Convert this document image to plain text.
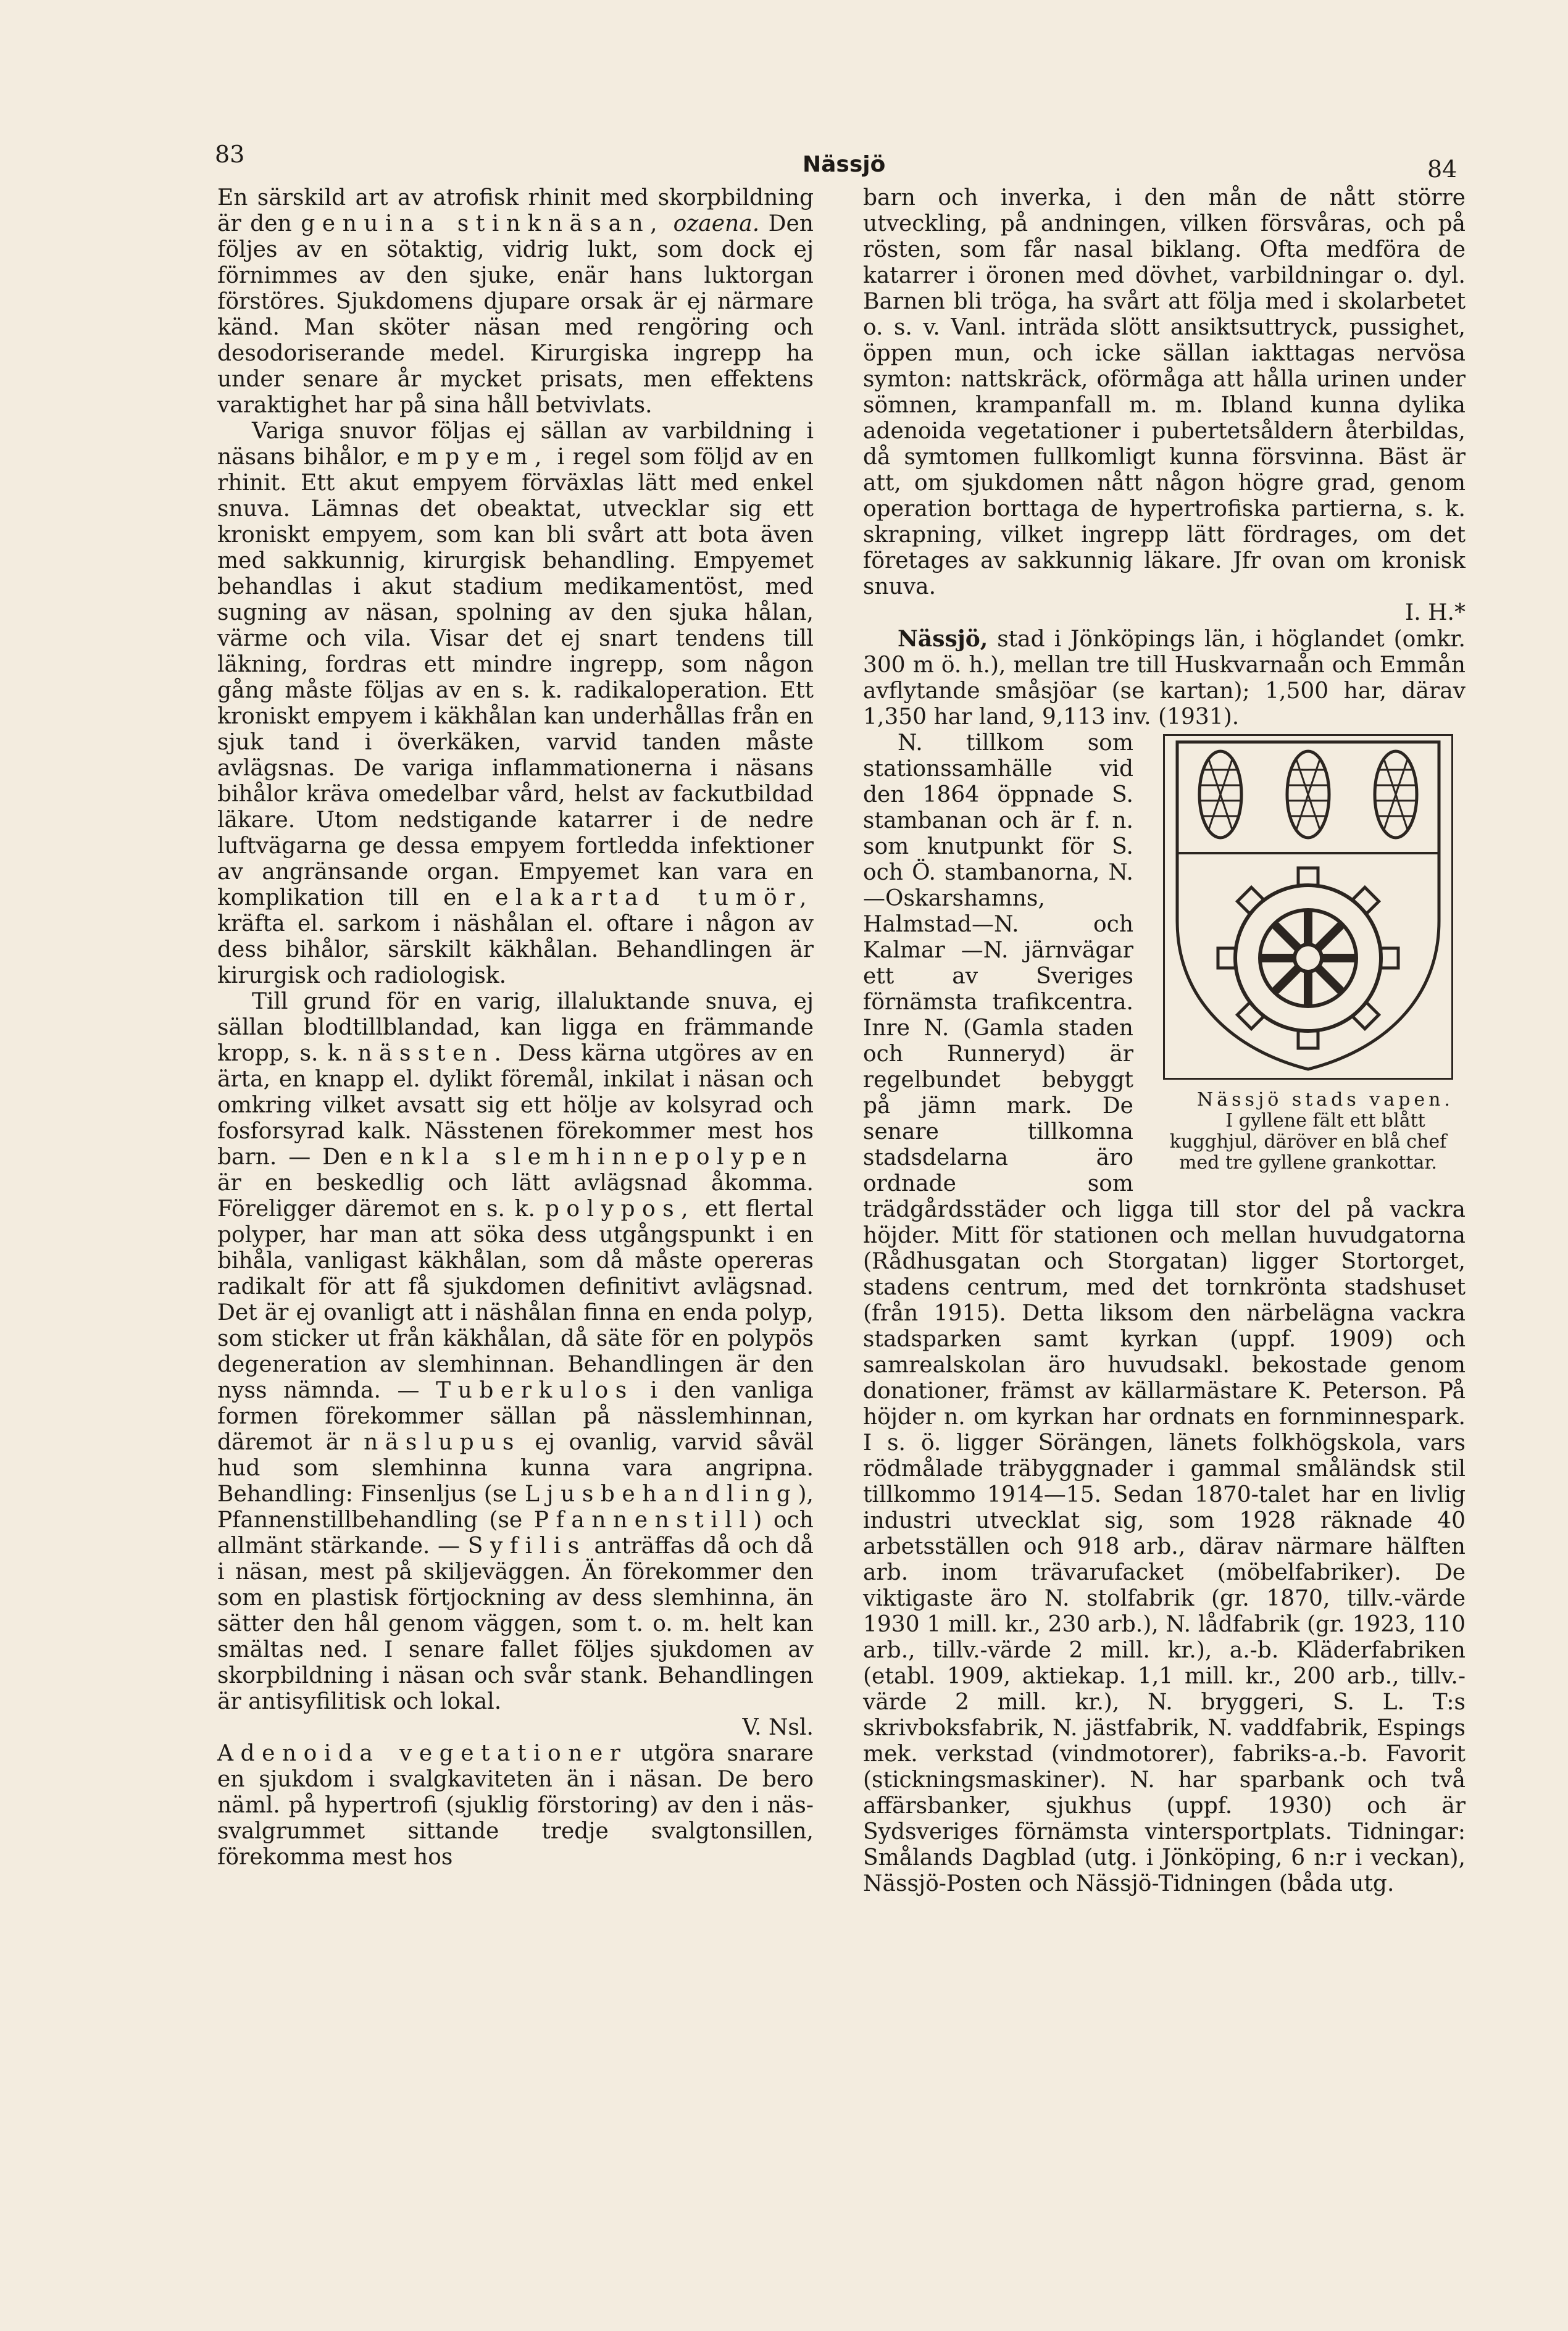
83	Nässjö	84

En särskild art av atrofisk rhinit med skorpbildning är den genuina stinknäsan, ozaena. Den följes av en sötaktig, vidrig lukt, som dock ej förnimmes av den sjuke, enär hans luktorgan förstöres. Sjukdomens djupare orsak är ej närmare känd. Man sköter näsan med rengöring och desodoriserande medel. Kirurgiska ingrepp ha under senare år mycket prisats, men effektens varaktighet har på sina håll betvivlats.

Variga snuvor följas ej sällan av varbildning i näsans bihålor, empyem, i regel som följd av en rhinit. Ett akut empyem förväxlas lätt med enkel snuva. Lämnas det obeaktat, utvecklar sig ett kroniskt empyem, som kan bli svårt att bota även med sakkunnig, kirurgisk behandling. Empyemet behandlas i akut stadium medikamentöst, med sugning av näsan, spolning av den sjuka hålan, värme och vila. Visar det ej snart tendens till läkning, fordras ett mindre ingrepp, som någon gång måste följas av en s. k. radikaloperation. Ett kroniskt empyem i käkhålan kan underhållas från en sjuk tand i överkäken, varvid tanden måste avlägsnas. De variga inflammationerna i näsans bihålor kräva omedelbar vård, helst av fackutbildad läkare. Utom nedstigande katarrer i de nedre luftvägarna ge dessa empyem fortledda infektioner av angränsande organ. Empyemet kan vara en komplikation till en elakartad tumör, kräfta el. sarkom i näshålan el. oftare i någon av dess bihålor, särskilt käkhålan. Behandlingen är kirurgisk och radiologisk.

Till grund för en varig, illaluktande snuva, ej sällan blodtillblandad, kan ligga en främmande kropp, s. k. nässten. Dess kärna utgöres av en ärta, en knapp el. dylikt föremål, inkilat i näsan och omkring vilket avsatt sig ett hölje av kolsyrad och fosforsyrad kalk. Nässtenen förekommer mest hos barn. — Den enkla slemhinnepolypen är en beskedlig och lätt avlägsnad åkomma. Föreligger däremot en s. k. polypos, ett flertal polyper, har man att söka dess utgångspunkt i en bihåla, vanligast käkhålan, som då måste opereras radikalt för att få sjukdomen definitivt avlägsnad. Det är ej ovanligt att i näshålan finna en enda polyp, som sticker ut från käkhålan, då säte för en polypös degeneration av slemhinnan. Behandlingen är den nyss nämnda. — Tuberkulos i den vanliga formen förekommer sällan på nässlemhinnan, däremot är näslupus ej ovanlig, varvid såväl hud som slemhinna kunna vara angripna. Behandling: Finsenljus (se Ljusbehandling), Pfannenstillbehandling (se Pfannenstill) och allmänt stärkande. — Syfilis anträffas då och då i näsan, mest på skiljeväggen. Än förekommer den som en plastisk förtjockning av dess slemhinna, än sätter den hål genom väggen, som t. o. m. helt kan smältas ned. I senare fallet följes sjukdomen av skorpbildning i näsan och svår stank. Behandlingen är antisyfilitisk och lokal.
V. Nsl.

Adenoida vegetationer utgöra snarare en sjukdom i svalgkaviteten än i näsan. De bero näml. på hypertrofi (sjuklig förstoring) av den i näs-svalgrummet sittande tredje svalgtonsillen, förekomma mest hos

barn och inverka, i den mån de nått större utveckling, på andningen, vilken försvåras, och på rösten, som får nasal biklang. Ofta medföra de katarrer i öronen med dövhet, varbildningar o. dyl. Barnen bli tröga, ha svårt att följa med i skolarbetet o. s. v. Vanl. inträda slött ansiktsuttryck, pussighet, öppen mun, och icke sällan iakttagas nervösa symton: nattskräck, oförmåga att hålla urinen under sömnen, krampanfall m. m. Ibland kunna dylika adenoida vegetationer i pubertetsåldern återbildas, då symtomen fullkomligt kunna försvinna. Bäst är att, om sjukdomen nått någon högre grad, genom operation borttaga de hypertrofiska partierna, s. k. skrapning, vilket ingrepp lätt fördrages, om det företages av sakkunnig läkare. Jfr ovan om kronisk snuva.
I. H.*

Nässjö, stad i Jönköpings län, i höglandet (omkr. 300 m ö. h.), mellan tre till Huskvarnaån och Emmån avflytande småsjöar (se kartan); 1,500 har, därav 1,350 har land, 9,113 inv. (1931).

Nässjö stads vapen.
I gyllene fält ett blått kugghjul, däröver en blå chef med tre gyllene grankottar.
N. tillkom som stationssamhälle vid den 1864 öppnade S. stambanan och är f. n. som knutpunkt för S. och Ö. stambanorna, N.—Oskarshamns, Halmstad—N. och Kalmar —N. järnvägar ett av Sveriges förnämsta trafikcentra. Inre N. (Gamla staden och Runneryd) är regelbundet bebyggt på jämn mark. De senare tillkomna stadsdelarna äro ordnade som trädgårdsstäder och ligga till stor del på vackra höjder. Mitt för stationen och mellan huvudgatorna (Rådhusgatan och Storgatan) ligger Stortorget, stadens centrum, med det tornkrönta stadshuset (från 1915). Detta liksom den närbelägna vackra stadsparken samt kyrkan (uppf. 1909) och samrealskolan äro huvudsakl. bekostade genom donationer, främst av källarmästare K. Peterson. På höjder n. om kyrkan har ordnats en fornminnespark. I s. ö. ligger Sörängen, länets folkhögskola, vars rödmålade träbyggnader i gammal småländsk stil tillkommo 1914—15. Sedan 1870-talet har en livlig industri utvecklat sig, som 1928 räknade 40 arbetsställen och 918 arb., därav närmare hälften arb. inom trävarufacket (möbelfabriker). De viktigaste äro N. stolfabrik (gr. 1870, tillv.-värde 1930 1 mill. kr., 230 arb.), N. lådfabrik (gr. 1923, 110 arb., tillv.-värde 2 mill. kr.), a.-b. Kläderfabriken (etabl. 1909, aktiekap. 1,1 mill. kr., 200 arb., tillv.-värde 2 mill. kr.), N. bryggeri, S. L. T:s skrivboksfabrik, N. jästfabrik, N. vaddfabrik, Espings mek. verkstad (vindmotorer), fabriks-a.-b. Favorit (stickningsmaskiner). N. har sparbank och två affärsbanker, sjukhus (uppf. 1930) och är Sydsveriges förnämsta vintersportplats. Tidningar: Smålands Dagblad (utg. i Jönköping, 6 n:r i veckan), Nässjö-Posten och Nässjö-Tidningen (båda utg.
